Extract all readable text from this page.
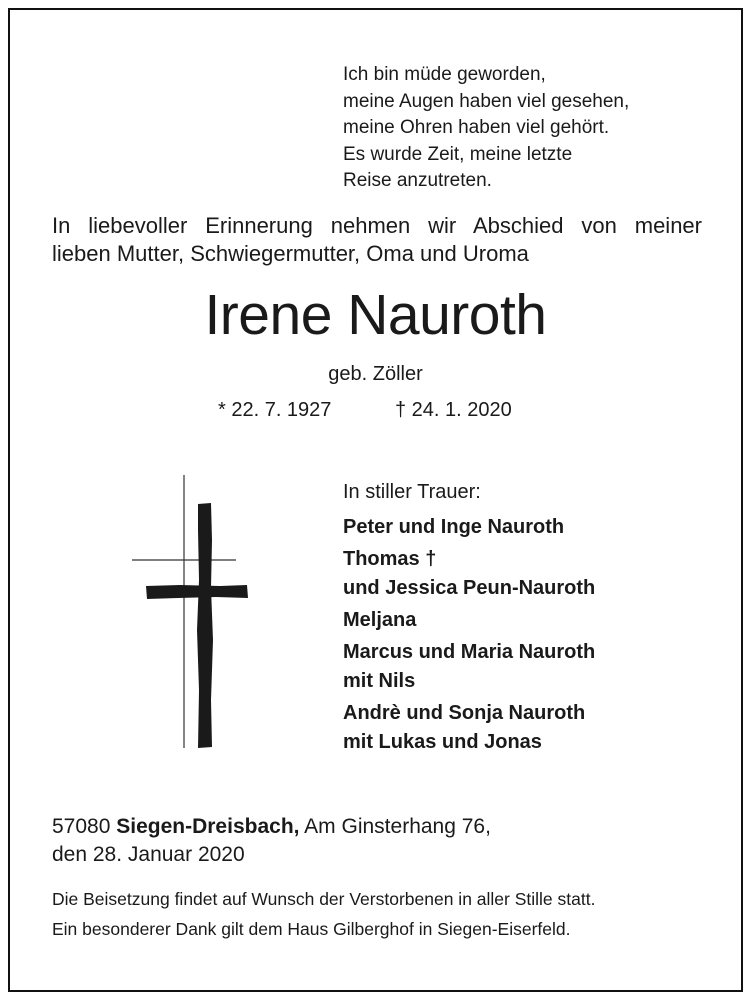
Ich bin müde geworden,
meine Augen haben viel gesehen,
meine Ohren haben viel gehört.
Es wurde Zeit, meine letzte
Reise anzutreten.
In liebevoller Erinnerung nehmen wir Abschied von meiner
lieben Mutter, Schwiegermutter, Oma und Uroma
Irene Nauroth
geb. Zöller
* 22. 7. 1927	† 24. 1. 2020
In stiller Trauer:
Peter und Inge Nauroth
Thomas †
und Jessica Peun-Nauroth
Meljana
Marcus und Maria Nauroth
mit Nils
Andrè und Sonja Nauroth
mit Lukas und Jonas
57080 Siegen-Dreisbach, Am Ginsterhang 76,
den 28. Januar 2020
Die Beisetzung findet auf Wunsch der Verstorbenen in aller Stille statt.
Ein besonderer Dank gilt dem Haus Gilberghof in Siegen-Eiserfeld.
